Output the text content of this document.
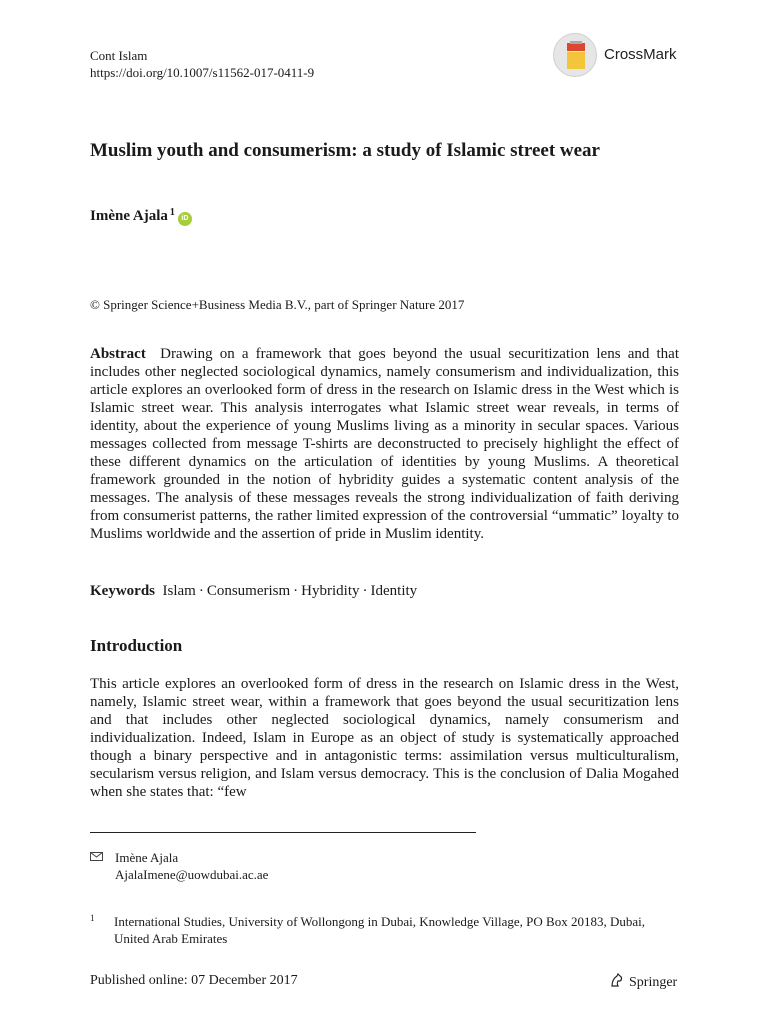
Cont Islam
https://doi.org/10.1007/s11562-017-0411-9
CrossMark
Muslim youth and consumerism: a study of Islamic street wear
Imène Ajala$^1$
iD
© Springer Science+Business Media B.V., part of Springer Nature 2017

Abstract Drawing on a framework that goes beyond the usual securitization lens and that includes other neglected sociological dynamics, namely consumerism and individualization, this article explores an overlooked form of dress in the research on Islamic dress in the West which is Islamic street wear. This analysis interrogates what Islamic street wear reveals, in terms of identity, about the experience of young Muslims living as a minority in secular spaces. Various messages collected from message T-shirts are deconstructed to precisely highlight the effect of these different dynamics on the articulation of identities by young Muslims. A theoretical framework grounded in the notion of hybridity guides a systematic content analysis of the messages. The analysis of these messages reveals the strong individualization of faith deriving from consumerist patterns, the rather limited expression of the controversial “ummatic” loyalty to Muslims worldwide and the assertion of pride in Muslim identity.

Keywords Islam · Consumerism · Hybridity · Identity
Introduction

This article explores an overlooked form of dress in the research on Islamic dress in the West, namely, Islamic street wear, within a framework that goes beyond the usual securitization lens and that includes other neglected sociological dynamics, namely consumerism and individualization. Indeed, Islam in Europe as an object of study is systematically approached though a binary perspective and in antagonistic terms: assimilation versus multiculturalism, secularism versus religion, and Islam versus democracy. This is the conclusion of Dalia Mogahed when she states that: “few

Imène Ajala
AjalaImene@uowdubai.ac.ae
1	International Studies, University of Wollongong in Dubai, Knowledge Village, PO Box 20183, Dubai, United Arab Emirates
Published online: 07 December 2017	Springer
